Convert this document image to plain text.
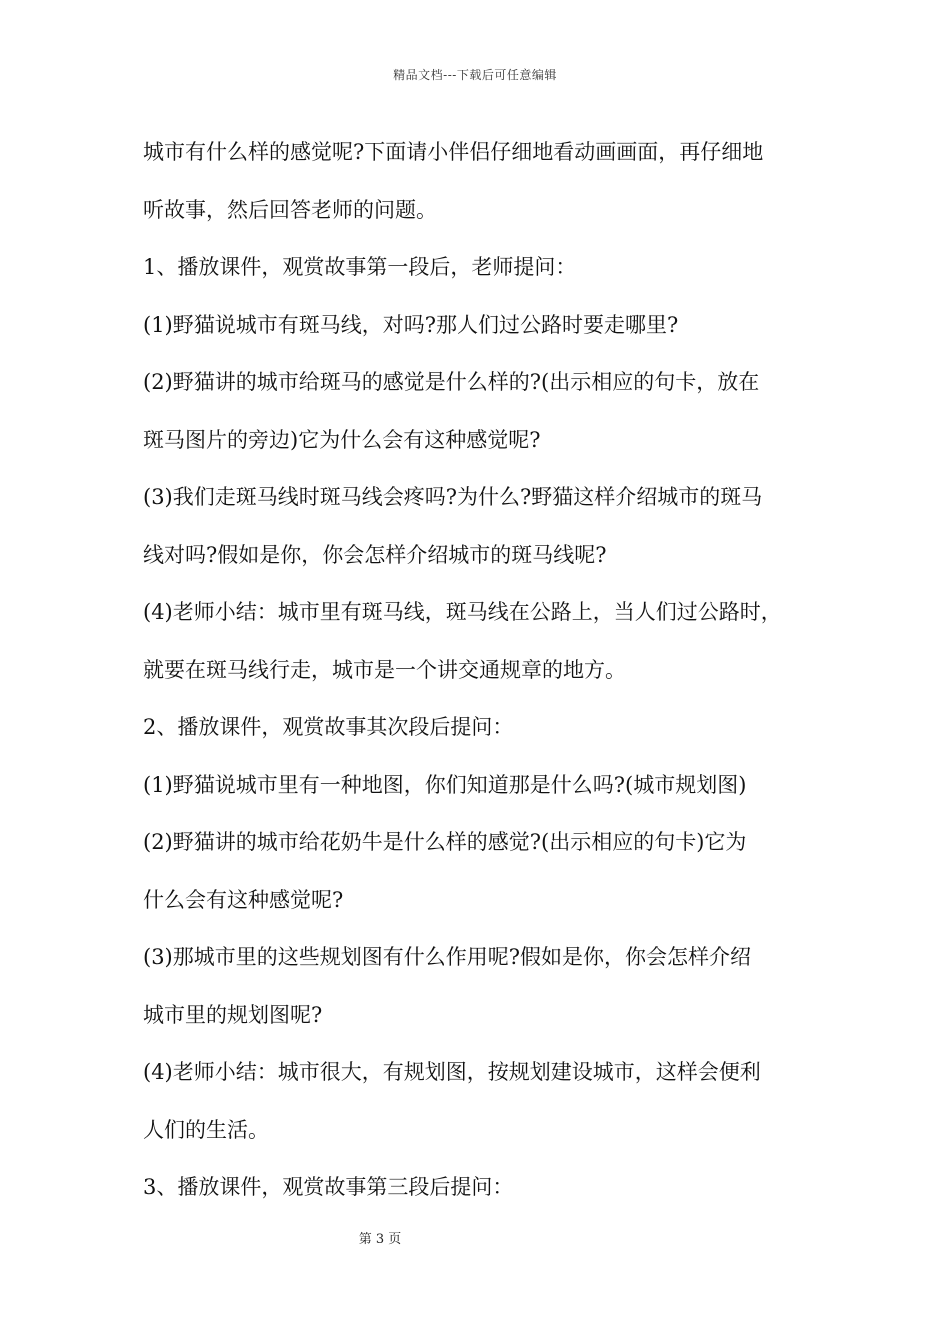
精品文档---下载后可任意编辑
城市有什么样的感觉呢?下面请小伴侣仔细地看动画画面，再仔细地
听故事，然后回答老师的问题。
1、播放课件，观赏故事第一段后，老师提问：
(1)野猫说城市有斑马线，对吗?那人们过公路时要走哪里?
(2)野猫讲的城市给斑马的感觉是什么样的?(出示相应的句卡，放在
斑马图片的旁边)它为什么会有这种感觉呢?
(3)我们走斑马线时斑马线会疼吗?为什么?野猫这样介绍城市的斑马
线对吗?假如是你，你会怎样介绍城市的斑马线呢?
(4)老师小结：城市里有斑马线，斑马线在公路上，当人们过公路时，
就要在斑马线行走，城市是一个讲交通规章的地方。
2、播放课件，观赏故事其次段后提问：
(1)野猫说城市里有一种地图，你们知道那是什么吗?(城市规划图)
(2)野猫讲的城市给花奶牛是什么样的感觉?(出示相应的句卡)它为
什么会有这种感觉呢?
(3)那城市里的这些规划图有什么作用呢?假如是你，你会怎样介绍
城市里的规划图呢?
(4)老师小结：城市很大，有规划图，按规划建设城市，这样会便利
人们的生活。
3、播放课件，观赏故事第三段后提问：
第 3 页
